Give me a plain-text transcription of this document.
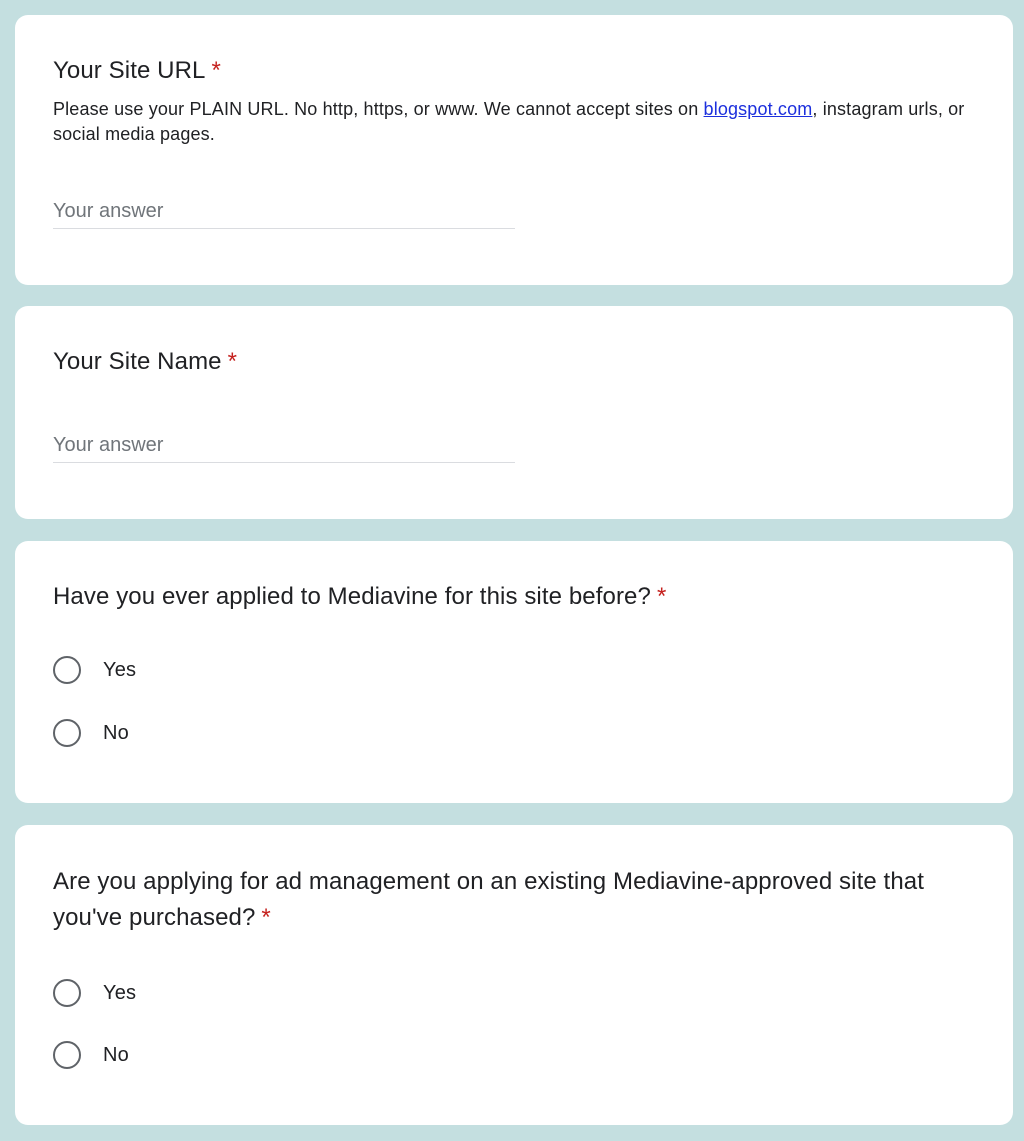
Your Site URL *

Please use your PLAIN URL. No http, https, or www. We cannot accept sites on blogspot.com, instagram urls, or social media pages.

Your answer
Your Site Name *
Your answer
Have you ever applied to Mediavine for this site before? *
Yes
No
Are you applying for ad management on an existing Mediavine-approved site that you've purchased? *
Yes
No
